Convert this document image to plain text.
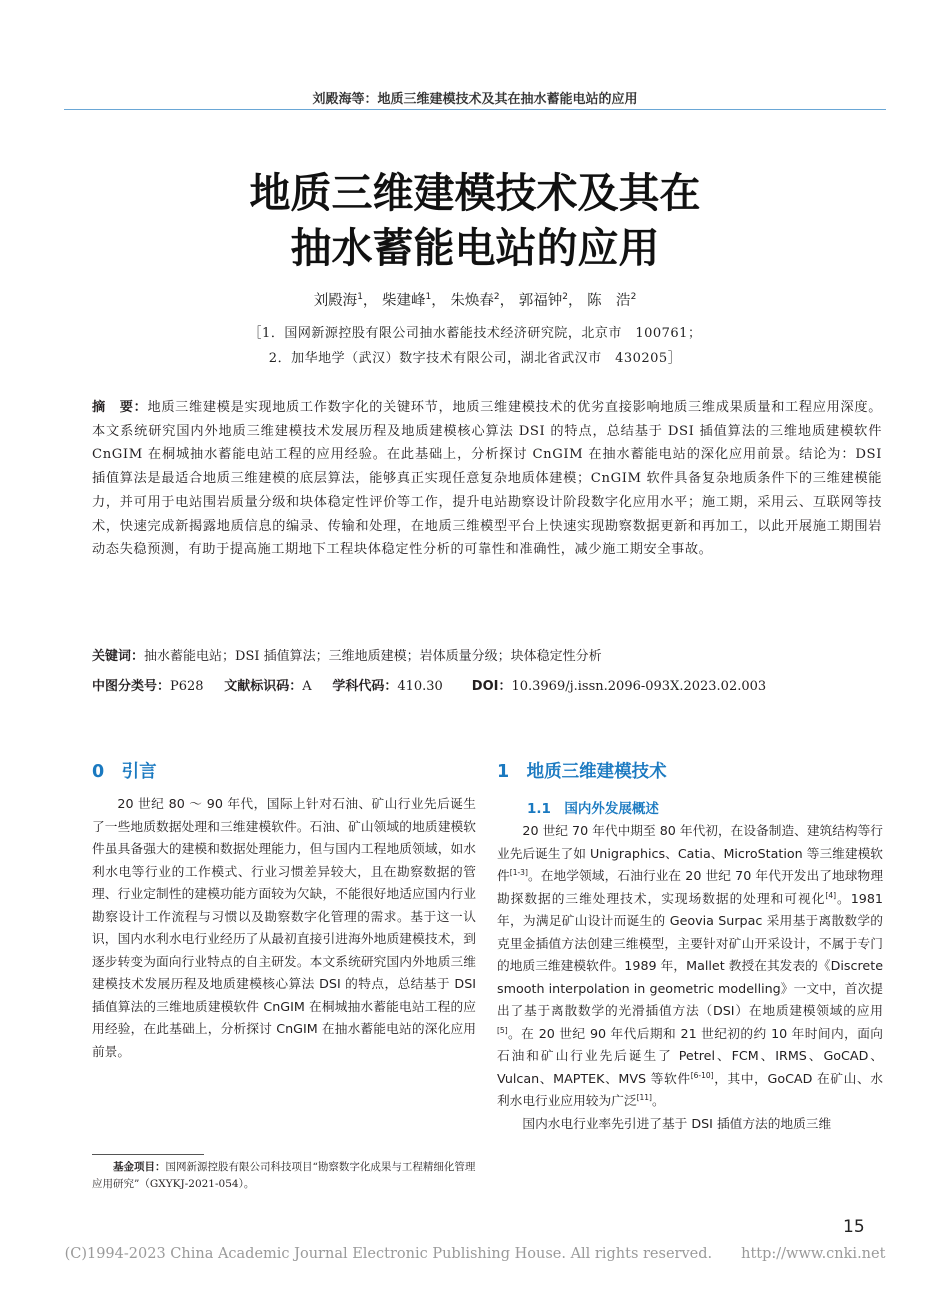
刘殿海等：地质三维建模技术及其在抽水蓄能电站的应用
地质三维建模技术及其在
抽水蓄能电站的应用
刘殿海$^1$， 柴建峰$^1$， 朱焕春$^2$， 郭福钟$^2$， 陈　浩$^2$
［1．国网新源控股有限公司抽水蓄能技术经济研究院，北京市　100761；
2．加华地学（武汉）数字技术有限公司，湖北省武汉市　430205］
摘　要：地质三维建模是实现地质工作数字化的关键环节，地质三维建模技术的优劣直接影响地质三维成果质量和工程应用深度。本文系统研究国内外地质三维建模技术发展历程及地质建模核心算法 DSI 的特点，总结基于 DSI 插值算法的三维地质建模软件 CnGIM 在桐城抽水蓄能电站工程的应用经验。在此基础上，分析探讨 CnGIM 在抽水蓄能电站的深化应用前景。结论为：DSI 插值算法是最适合地质三维建模的底层算法，能够真正实现任意复杂地质体建模；CnGIM 软件具备复杂地质条件下的三维建模能力，并可用于电站围岩质量分级和块体稳定性评价等工作，提升电站勘察设计阶段数字化应用水平；施工期，采用云、互联网等技术，快速完成新揭露地质信息的编录、传输和处理，在地质三维模型平台上快速实现勘察数据更新和再加工，以此开展施工期围岩动态失稳预测，有助于提高施工期地下工程块体稳定性分析的可靠性和准确性，减少施工期安全事故。
关键词：抽水蓄能电站；DSI 插值算法；三维地质建模；岩体质量分级；块体稳定性分析
中图分类号：P628 文献标识码：A 学科代码：410.30 DOI：10.3969/j.issn.2096-093X.2023.02.003
0　引言

20 世纪 80 ～ 90 年代，国际上针对石油、矿山行业先后诞生了一些地质数据处理和三维建模软件。石油、矿山领域的地质建模软件虽具备强大的建模和数据处理能力，但与国内工程地质领域，如水利水电等行业的工作模式、行业习惯差异较大，且在勘察数据的管理、行业定制性的建模功能方面较为欠缺，不能很好地适应国内行业勘察设计工作流程与习惯以及勘察数字化管理的需求。基于这一认识，国内水利水电行业经历了从最初直接引进海外地质建模技术，到逐步转变为面向行业特点的自主研发。本文系统研究国内外地质三维建模技术发展历程及地质建模核心算法 DSI 的特点，总结基于 DSI 插值算法的三维地质建模软件 CnGIM 在桐城抽水蓄能电站工程的应用经验，在此基础上，分析探讨 CnGIM 在抽水蓄能电站的深化应用前景。

基金项目：国网新源控股有限公司科技项目“勘察数字化成果与工程精细化管理应用研究”（GXYKJ-2021-054）。
1　地质三维建模技术
1.1　国内外发展概述

20 世纪 70 年代中期至 80 年代初，在设备制造、建筑结构等行业先后诞生了如 Unigraphics、Catia、MicroStation 等三维建模软件[1-3]。在地学领域，石油行业在 20 世纪 70 年代开发出了地球物理勘探数据的三维处理技术，实现场数据的处理和可视化[4]。1981 年，为满足矿山设计而诞生的 Geovia Surpac 采用基于离散数学的克里金插值方法创建三维模型，主要针对矿山开采设计，不属于专门的地质三维建模软件。1989 年，Mallet 教授在其发表的《Discrete smooth interpolation in geometric modelling》一文中，首次提出了基于离散数学的光滑插值方法（DSI）在地质建模领域的应用[5]。在 20 世纪 90 年代后期和 21 世纪初的约 10 年时间内，面向石油和矿山行业先后诞生了 Petrel、FCM、IRMS、GoCAD、Vulcan、MAPTEK、MVS 等软件[6-10]，其中，GoCAD 在矿山、水利水电行业应用较为广泛[11]。

国内水电行业率先引进了基于 DSI 插值方法的地质三维

15
(C)1994-2023 China Academic Journal Electronic Publishing House. All rights reserved.　　http://www.cnki.net
